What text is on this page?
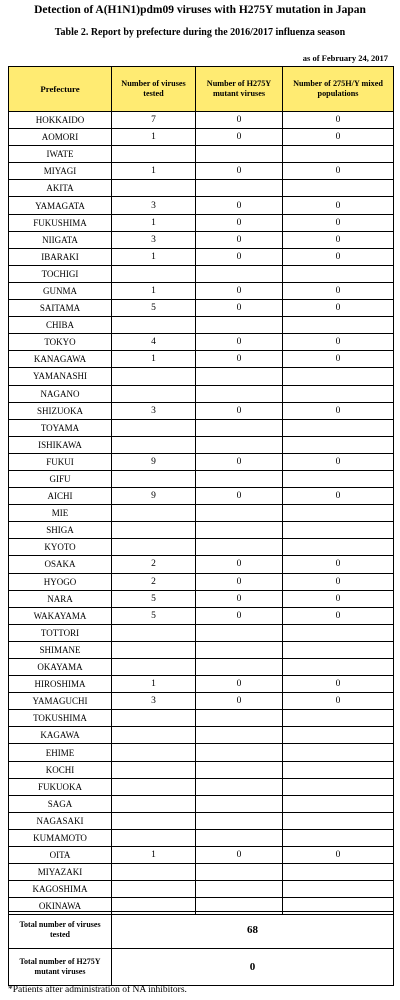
Detection of A(H1N1)pdm09 viruses with H275Y mutation in Japan
Table 2. Report by prefecture during the 2016/2017 influenza season
as of February 24, 2017
Prefecture	Number of viruses tested	Number of H275Y mutant viruses	Number of 275H/Y mixed populations
HOKKAIDO	7	0	0
AOMORI	1	0	0
IWATE			
MIYAGI	1	0	0
AKITA			
YAMAGATA	3	0	0
FUKUSHIMA	1	0	0
NIIGATA	3	0	0
IBARAKI	1	0	0
TOCHIGI			
GUNMA	1	0	0
SAITAMA	5	0	0
CHIBA			
TOKYO	4	0	0
KANAGAWA	1	0	0
YAMANASHI			
NAGANO			
SHIZUOKA	3	0	0
TOYAMA			
ISHIKAWA			
FUKUI	9	0	0
GIFU			
AICHI	9	0	0
MIE			
SHIGA			
KYOTO			
OSAKA	2	0	0
HYOGO	2	0	0
NARA	5	0	0
WAKAYAMA	5	0	0
TOTTORI			
SHIMANE			
OKAYAMA			
HIROSHIMA	1	0	0
YAMAGUCHI	3	0	0
TOKUSHIMA			
KAGAWA			
EHIME			
KOCHI			
FUKUOKA			
SAGA			
NAGASAKI			
KUMAMOTO			
OITA	1	0	0
MIYAZAKI			
KAGOSHIMA			
OKINAWA			
Total number of viruses tested	68
Total number of H275Y mutant viruses	0
*Patients after administration of NA inhibitors.
